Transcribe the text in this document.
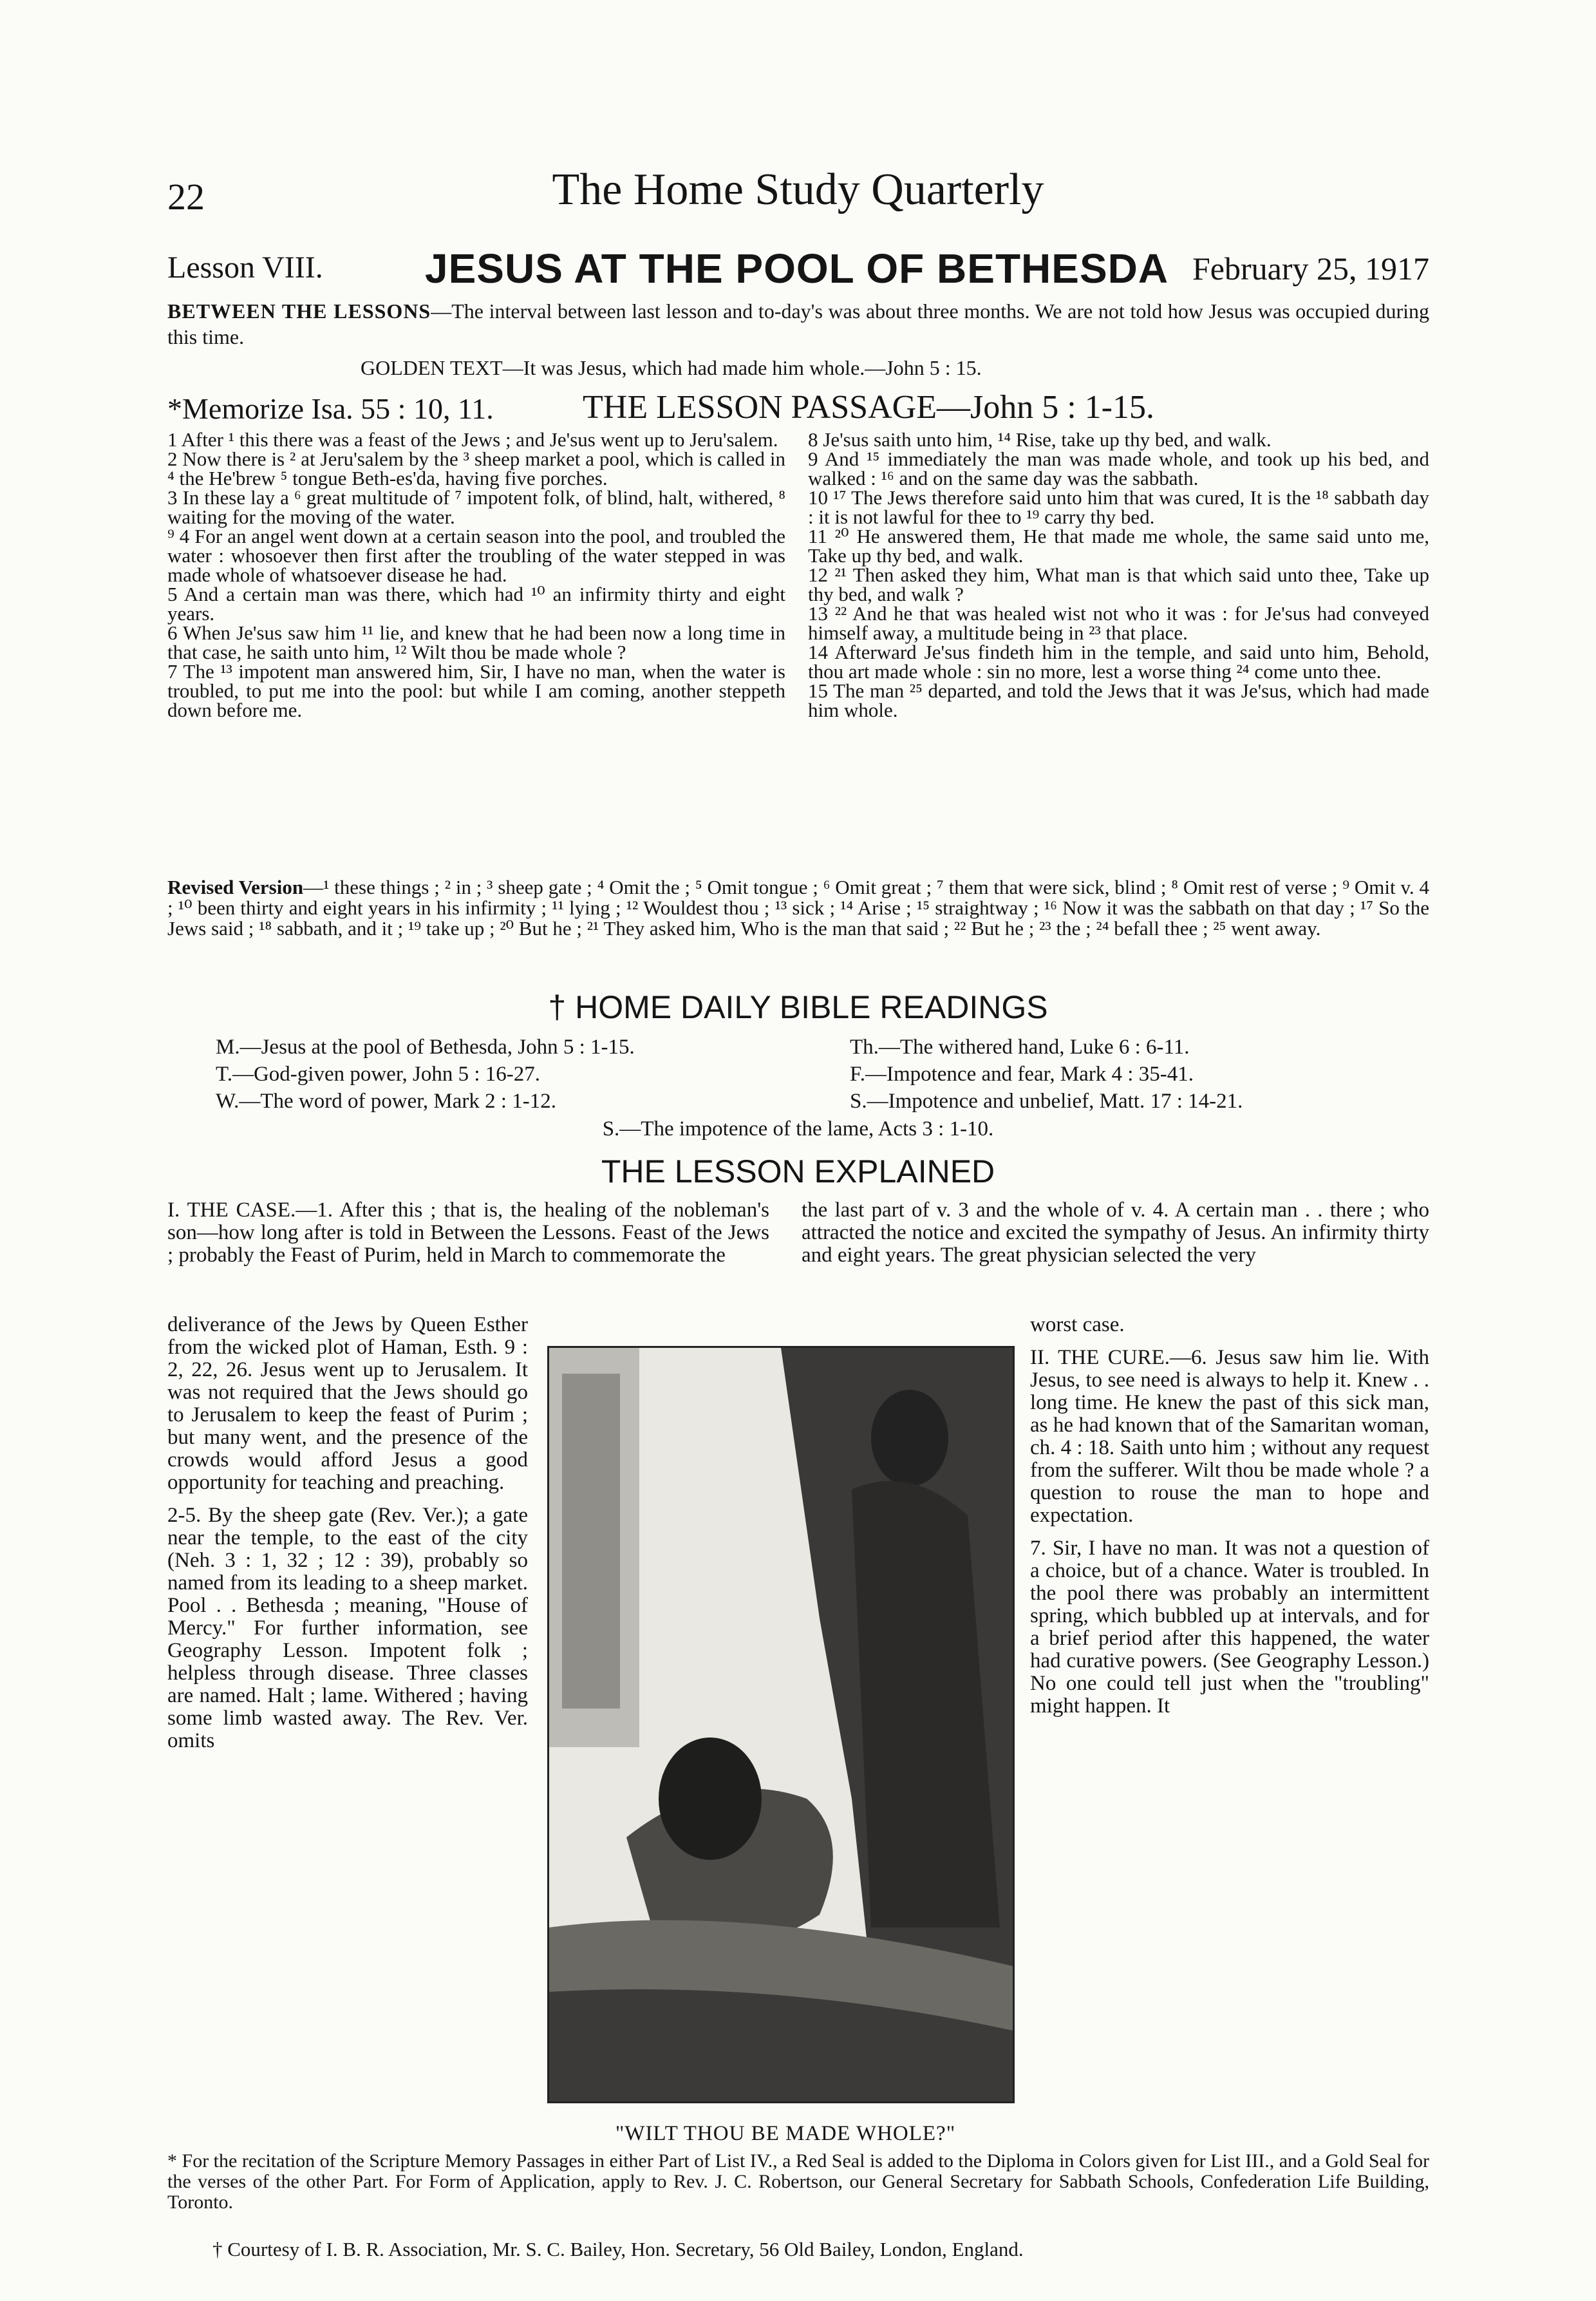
22	The Home Study Quarterly
Lesson VIII. JESUS AT THE POOL OF BETHESDA February 25, 1917
BETWEEN THE LESSONS—The interval between last lesson and to-day's was about three months. We are not told how Jesus was occupied during this time.
GOLDEN TEXT—It was Jesus, which had made him whole.—John 5 : 15.
*Memorize Isa. 55 : 10, 11.	THE LESSON PASSAGE—John 5 : 1-15.

1 After ¹ this there was a feast of the Jews ; and Je'sus went up to Jeru'salem.

2 Now there is ² at Jeru'salem by the ³ sheep market a pool, which is called in ⁴ the He'brew ⁵ tongue Beth-es'da, having five porches.

3 In these lay a ⁶ great multitude of ⁷ impotent folk, of blind, halt, withered, ⁸ waiting for the moving of the water.

⁹ 4 For an angel went down at a certain season into the pool, and troubled the water : whosoever then first after the troubling of the water stepped in was made whole of whatsoever disease he had.

5 And a certain man was there, which had ¹⁰ an infirmity thirty and eight years.

6 When Je'sus saw him ¹¹ lie, and knew that he had been now a long time in that case, he saith unto him, ¹² Wilt thou be made whole ?

7 The ¹³ impotent man answered him, Sir, I have no man, when the water is troubled, to put me into the pool: but while I am coming, another steppeth down before me.

8 Je'sus saith unto him, ¹⁴ Rise, take up thy bed, and walk.

9 And ¹⁵ immediately the man was made whole, and took up his bed, and walked : ¹⁶ and on the same day was the sabbath.

10 ¹⁷ The Jews therefore said unto him that was cured, It is the ¹⁸ sabbath day : it is not lawful for thee to ¹⁹ carry thy bed.

11 ²⁰ He answered them, He that made me whole, the same said unto me, Take up thy bed, and walk.

12 ²¹ Then asked they him, What man is that which said unto thee, Take up thy bed, and walk ?

13 ²² And he that was healed wist not who it was : for Je'sus had conveyed himself away, a multitude being in ²³ that place.

14 Afterward Je'sus findeth him in the temple, and said unto him, Behold, thou art made whole : sin no more, lest a worse thing ²⁴ come unto thee.

15 The man ²⁵ departed, and told the Jews that it was Je'sus, which had made him whole.

Revised Version—¹ these things ; ² in ; ³ sheep gate ; ⁴ Omit the ; ⁵ Omit tongue ; ⁶ Omit great ; ⁷ them that were sick, blind ; ⁸ Omit rest of verse ; ⁹ Omit v. 4 ; ¹⁰ been thirty and eight years in his infirmity ; ¹¹ lying ; ¹² Wouldest thou ; ¹³ sick ; ¹⁴ Arise ; ¹⁵ straightway ; ¹⁶ Now it was the sabbath on that day ; ¹⁷ So the Jews said ; ¹⁸ sabbath, and it ; ¹⁹ take up ; ²⁰ But he ; ²¹ They asked him, Who is the man that said ; ²² But he ; ²³ the ; ²⁴ befall thee ; ²⁵ went away.
† HOME DAILY BIBLE READINGS
M.—Jesus at the pool of Bethesda, John 5 : 1-15.
T.—God-given power, John 5 : 16-27.
W.—The word of power, Mark 2 : 1-12.
Th.—The withered hand, Luke 6 : 6-11.
F.—Impotence and fear, Mark 4 : 35-41.
S.—Impotence and unbelief, Matt. 17 : 14-21.
S.—The impotence of the lame, Acts 3 : 1-10.
THE LESSON EXPLAINED
I. THE CASE.—1. After this ; that is, the healing of the nobleman's son—how long after is told in Between the Lessons. Feast of the Jews ; probably the Feast of Purim, held in March to commemorate the
the last part of v. 3 and the whole of v. 4. A certain man . . there ; who attracted the notice and excited the sympathy of Jesus. An infirmity thirty and eight years. The great physician selected the very

deliverance of the Jews by Queen Esther from the wicked plot of Haman, Esth. 9 : 2, 22, 26. Jesus went up to Jerusalem. It was not required that the Jews should go to Jerusalem to keep the feast of Purim ; but many went, and the presence of the crowds would afford Jesus a good opportunity for teaching and preaching.

2-5. By the sheep gate (Rev. Ver.); a gate near the temple, to the east of the city (Neh. 3 : 1, 32 ; 12 : 39), probably so named from its leading to a sheep market. Pool . . Bethesda ; meaning, "House of Mercy." For further information, see Geography Lesson. Impotent folk ; helpless through disease. Three classes are named. Halt ; lame. Withered ; having some limb wasted away. The Rev. Ver. omits

"WILT THOU BE MADE WHOLE?"

worst case.

II. THE CURE.—6. Jesus saw him lie. With Jesus, to see need is always to help it. Knew . . long time. He knew the past of this sick man, as he had known that of the Samaritan woman, ch. 4 : 18. Saith unto him ; without any request from the sufferer. Wilt thou be made whole ? a question to rouse the man to hope and expectation.

7. Sir, I have no man. It was not a question of a choice, but of a chance. Water is troubled. In the pool there was probably an intermittent spring, which bubbled up at intervals, and for a brief period after this happened, the water had curative powers. (See Geography Lesson.) No one could tell just when the "troubling" might happen. It

* For the recitation of the Scripture Memory Passages in either Part of List IV., a Red Seal is added to the Diploma in Colors given for List III., and a Gold Seal for the verses of the other Part. For Form of Application, apply to Rev. J. C. Robertson, our General Secretary for Sabbath Schools, Confederation Life Building, Toronto.
† Courtesy of I. B. R. Association, Mr. S. C. Bailey, Hon. Secretary, 56 Old Bailey, London, England.
